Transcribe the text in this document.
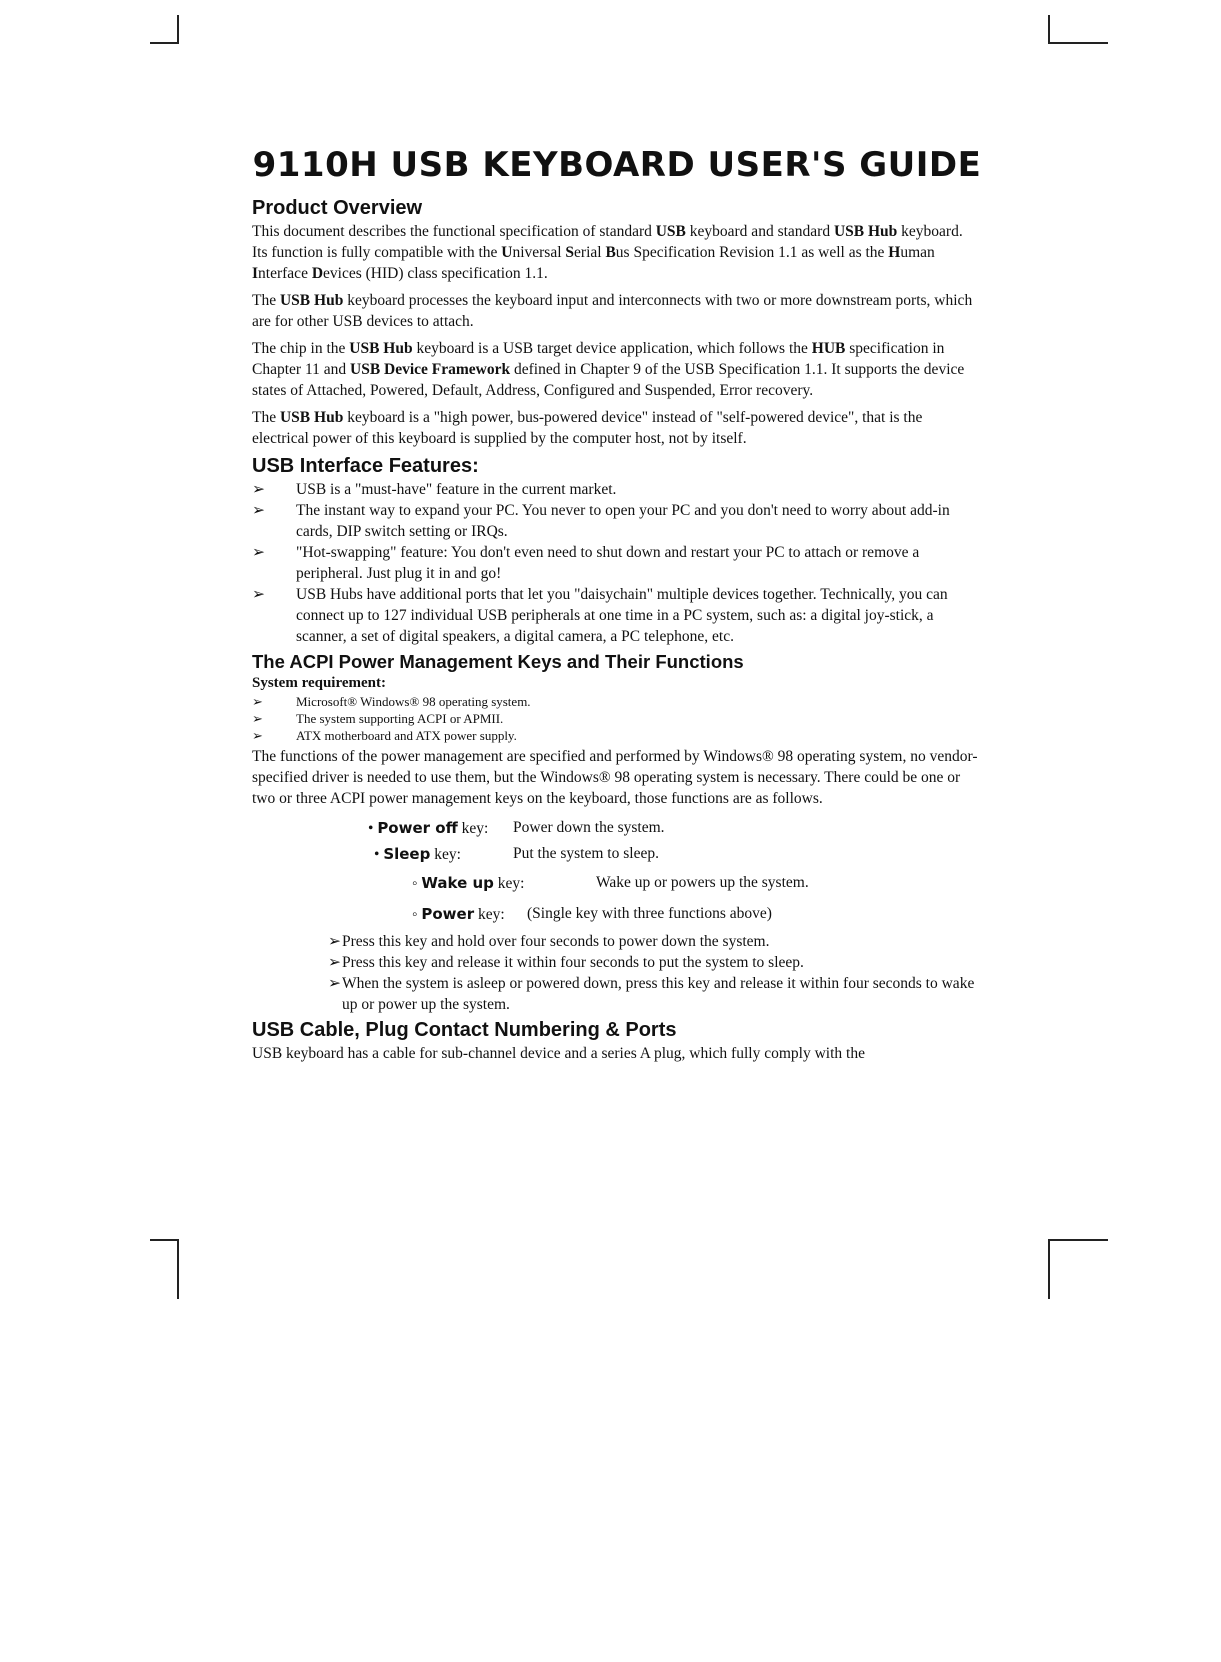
9110H USB KEYBOARD USER'S GUIDE
Product Overview

This document describes the functional specification of standard USB keyboard and standard USB Hub keyboard. Its function is fully compatible with the Universal Serial Bus Specification Revision 1.1 as well as the Human Interface Devices (HID) class specification 1.1.

The USB Hub keyboard processes the keyboard input and interconnects with two or more downstream ports, which are for other USB devices to attach.

The chip in the USB Hub keyboard is a USB target device application, which follows the HUB specification in Chapter 11 and USB Device Framework defined in Chapter 9 of the USB Specification 1.1. It supports the device states of Attached, Powered, Default, Address, Configured and Suspended, Error recovery.

The USB Hub keyboard is a "high power, bus-powered device" instead of "self-powered device", that is the electrical power of this keyboard is supplied by the computer host, not by itself.

USB Interface Features:
➢ USB is a "must-have" feature in the current market.
➢ The instant way to expand your PC. You never to open your PC and you don't need to worry about add-in cards, DIP switch setting or IRQs.
➢ "Hot-swapping" feature: You don't even need to shut down and restart your PC to attach or remove a peripheral. Just plug it in and go!
➢ USB Hubs have additional ports that let you "daisychain" multiple devices together. Technically, you can connect up to 127 individual USB peripherals at one time in a PC system, such as: a digital joy-stick, a scanner, a set of digital speakers, a digital camera, a PC telephone, etc.
The ACPI Power Management Keys and Their Functions
System requirement:
➢	Microsoft® Windows® 98 operating system.
➢	The system supporting ACPI or APMII.
➢	ATX motherboard and ATX power supply.

The functions of the power management are specified and performed by Windows® 98 operating system, no vendor-specified driver is needed to use them, but the Windows® 98 operating system is necessary. There could be one or two or three ACPI power management keys on the keyboard, those functions are as follows.

• Power off key: Power down the system.
• Sleep key:	Put the system to sleep.
◦ Wake up key:	Wake up or powers up the system.
◦ Power key: (Single key with three functions above)
➢ Press this key and hold over four seconds to power down the system.
➢ Press this key and release it within four seconds to put the system to sleep.
➢ When the system is asleep or powered down, press this key and release it within four seconds to wake up or power up the system.
USB Cable, Plug Contact Numbering & Ports

USB keyboard has a cable for sub-channel device and a series A plug, which fully comply with the
